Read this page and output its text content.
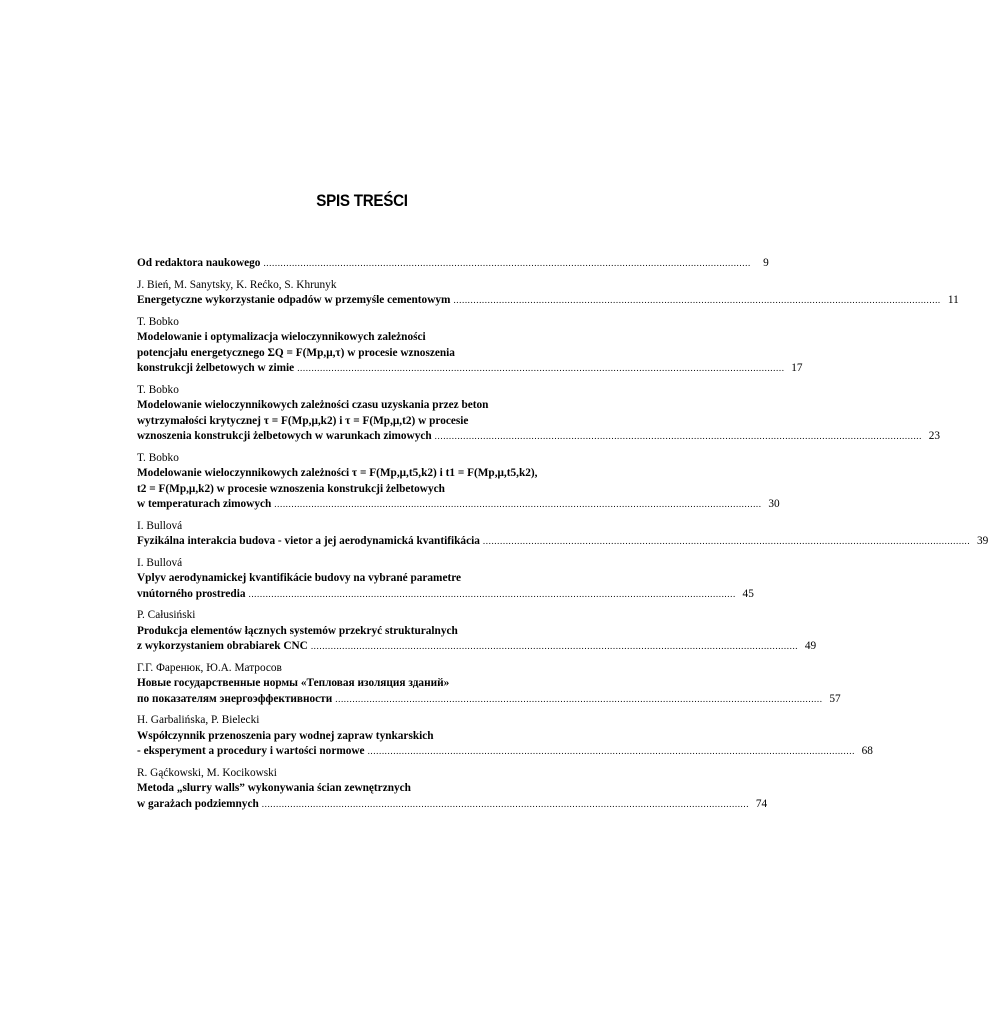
SPIS TREŚCI
Od redaktora naukowego ...........................................................................................................................................................................	9
J. Bień, M. Sanytsky, K. Rećko, S. Khrunyk
Energetyczne wykorzystanie odpadów w przemyśle cementowym ........................................................................................................................................................................... 11
T. Bobko
Modelowanie i optymalizacja wieloczynnikowych zależności
potencjału energetycznego ΣQ = F(Mp,μ,τ) w procesie wznoszenia
konstrukcji żelbetowych w zimie ........................................................................................................................................................................... 17
T. Bobko
Modelowanie wieloczynnikowych zależności czasu uzyskania przez beton
wytrzymałości krytycznej τ = F(Mp,μ,k2) i τ = F(Mp,μ,t2) w procesie
wznoszenia konstrukcji żelbetowych w warunkach zimowych ........................................................................................................................................................................... 23
T. Bobko
Modelowanie wieloczynnikowych zależności τ = F(Mp,μ,t5,k2) i t1 = F(Mp,μ,t5,k2),
t2 = F(Mp,μ,k2) w procesie wznoszenia konstrukcji żelbetowych
w temperaturach zimowych ........................................................................................................................................................................... 30
I. Bullová
Fyzikálna interakcia budova - vietor a jej aerodynamická kvantifikácia ........................................................................................................................................................................... 39
I. Bullová
Vplyv aerodynamickej kvantifikácie budovy na vybrané parametre
vnútorného prostredia ........................................................................................................................................................................... 45
P. Całusiński
Produkcja elementów łącznych systemów przekryć strukturalnych
z wykorzystaniem obrabiarek CNC ........................................................................................................................................................................... 49
Г.Г. Фаренюк, Ю.А. Матросов
Новые государственные нормы «Тепловая изоляция зданий»
по показателям энергоэффективности ........................................................................................................................................................................... 57
H. Garbalińska, P. Bielecki
Współczynnik przenoszenia pary wodnej zapraw tynkarskich
- eksperyment a procedury i wartości normowe ........................................................................................................................................................................... 68
R. Gąćkowski, M. Kocikowski
Metoda „slurry walls” wykonywania ścian zewnętrznych
w garażach podziemnych ........................................................................................................................................................................... 74
